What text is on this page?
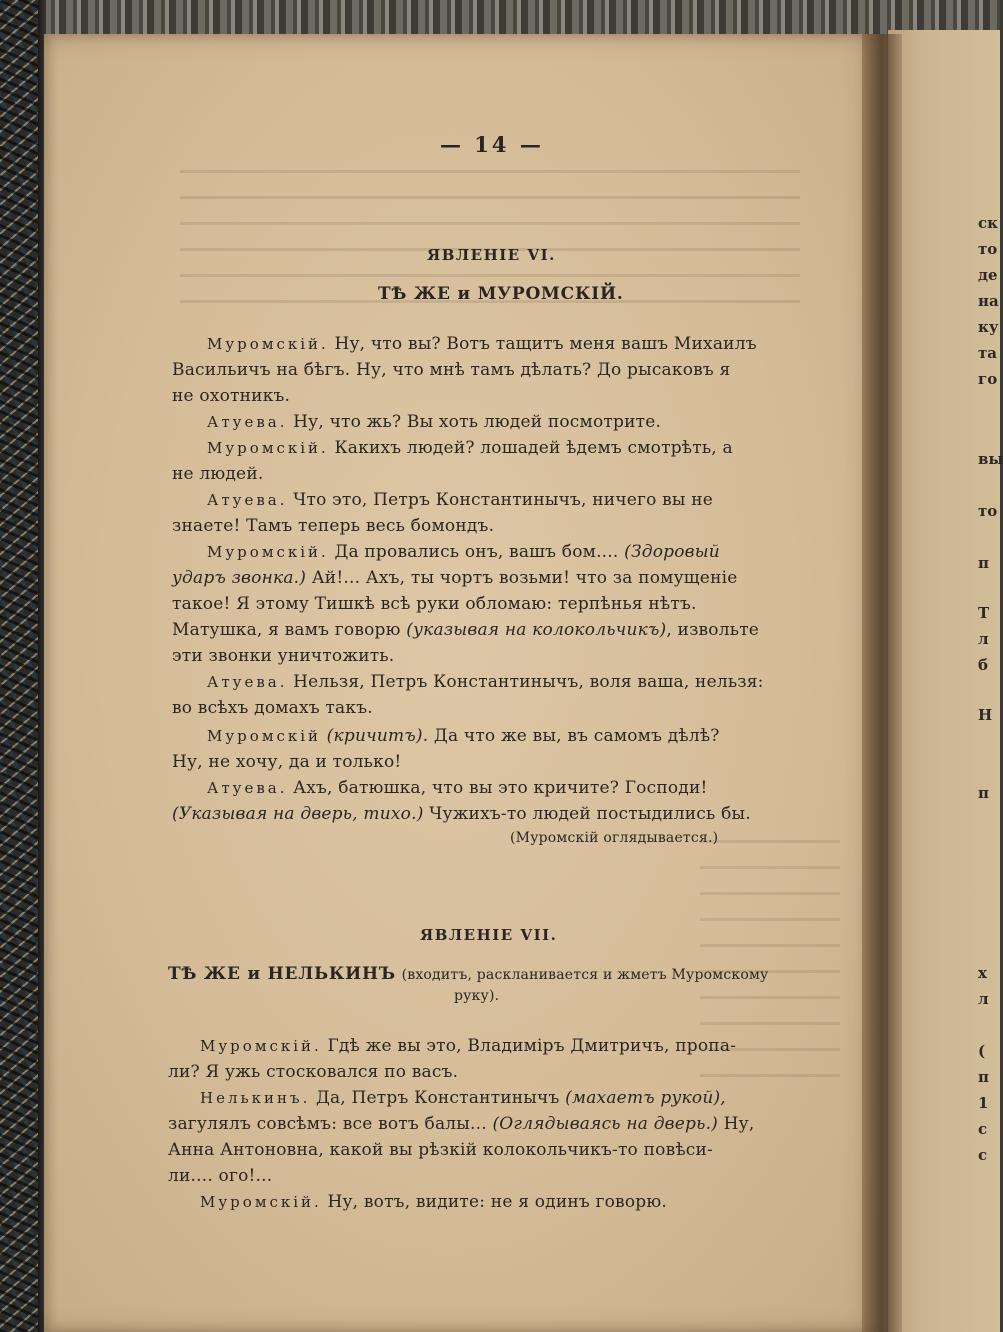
— 14 —
ЯВЛЕНІЕ VI.
ТѢ ЖЕ и МУРОМСКІЙ.
Муромскій. Ну, что вы? Вотъ тащитъ меня вашъ Михаилъ
Васильичъ на бѣгъ. Ну, что мнѣ тамъ дѣлать? До рысаковъ я
не охотникъ.
Атуева. Ну, что жь? Вы хоть людей посмотрите.
Муромскій. Какихъ людей? лошадей ѣдемъ смотрѣть, а
не людей.
Атуева. Что это, Петръ Константинычъ, ничего вы не
знаете! Тамъ теперь весь бомондъ.
Муромскій. Да провались онъ, вашъ бом.... (Здоровый
ударъ звонка.) Ай!... Ахъ, ты чортъ возьми! что за помущеніе
такое! Я этому Тишкѣ всѣ руки обломаю: терпѣнья нѣтъ.
Матушка, я вамъ говорю (указывая на колокольчикъ), извольте
эти звонки уничтожить.
Атуева. Нельзя, Петръ Константинычъ, воля ваша, нельзя:
во всѣхъ домахъ такъ.
Муромскій (кричитъ). Да что же вы, въ самомъ дѣлѣ?
Ну, не хочу, да и только!
Атуева. Ахъ, батюшка, что вы это кричите? Господи!
(Указывая на дверь, тихо.) Чужихъ-то людей постыдились бы.
(Муромскій оглядывается.)
ЯВЛЕНІЕ VII.
ТѢ ЖЕ и НЕЛЬКИНЪ (входитъ, раскланивается и жметъ Муромскому
руку).
Муромскій. Гдѣ же вы это, Владиміръ Дмитричъ, пропа-
ли? Я ужь стосковался по васъ.
Нелькинъ. Да, Петръ Константинычъ (махаетъ рукой),
загулялъ совсѣмъ: все вотъ балы... (Оглядываясь на дверь.) Ну,
Анна Антоновна, какой вы рѣзкій колокольчикъ-то повѣси-
ли.... ого!...
Муромскій. Ну, вотъ, видите: не я одинъ говорю.
ск
то
де
на
ку
та
го
вы
то
п
Т
л
б
Н
п
х
л
(
п
1
с
с
